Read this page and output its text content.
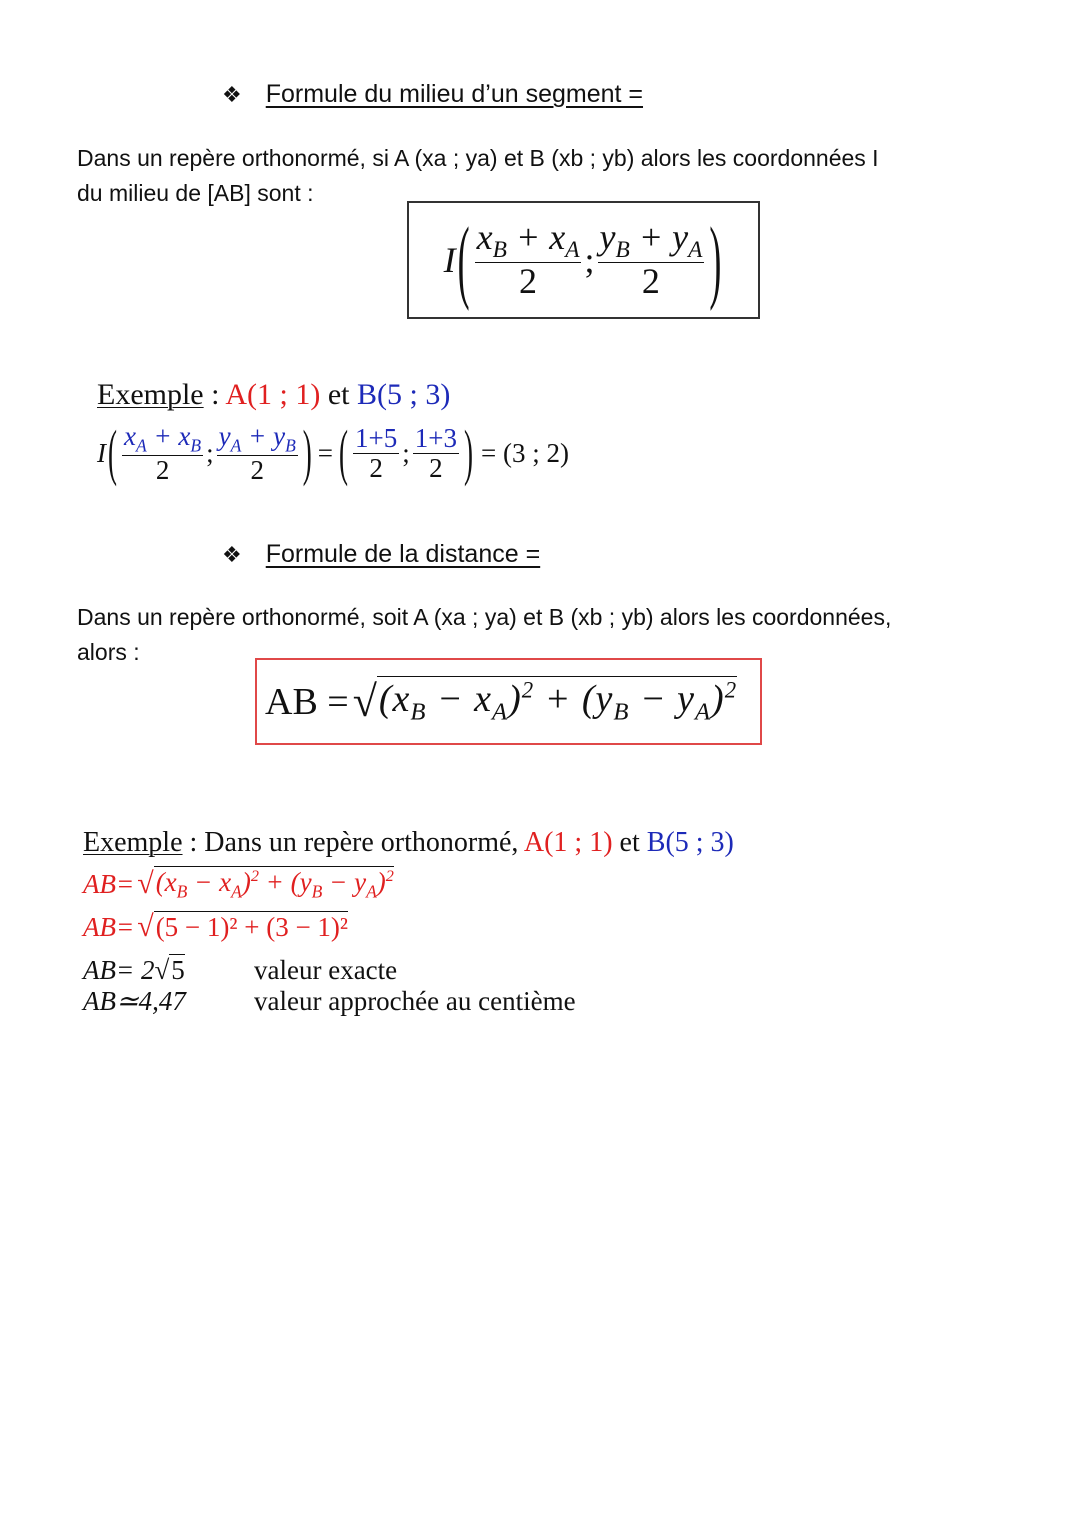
❖ Formule du milieu d’un segment =
Dans un repère orthonormé, si A (xa ; ya) et B (xb ; yb) alors les coordonnées I
du milieu de [AB] sont :
I ( $\frac{x_B + x_A}{2}$ ; $\frac{y_B + y_A}{2}$ )
Exemple : A(1 ; 1) et B(5 ; 3)
I ( $\frac{x_A + x_B}{2}$ ; $\frac{y_A + y_B}{2}$ ) = ( $\frac{1+5}{2}$ ; $\frac{1+3}{2}$ ) = (3 ; 2)
❖ Formule de la distance =
Dans un repère orthonormé, soit A (xa ; ya) et B (xb ; yb) alors les coordonnées,
alors :
AB = √ $(x_B - x_A)^2 + (y_B - y_A)^2$
Exemple : Dans un repère orthonormé, A(1 ; 1) et B(5 ; 3)
AB= √ $(x_B - x_A)^2 + (y_B - y_A)^2$
AB= √ (5 − 1)² + (3 − 1)²
AB= 2√5	valeur exacte
AB≃4,47	valeur approchée au centième
